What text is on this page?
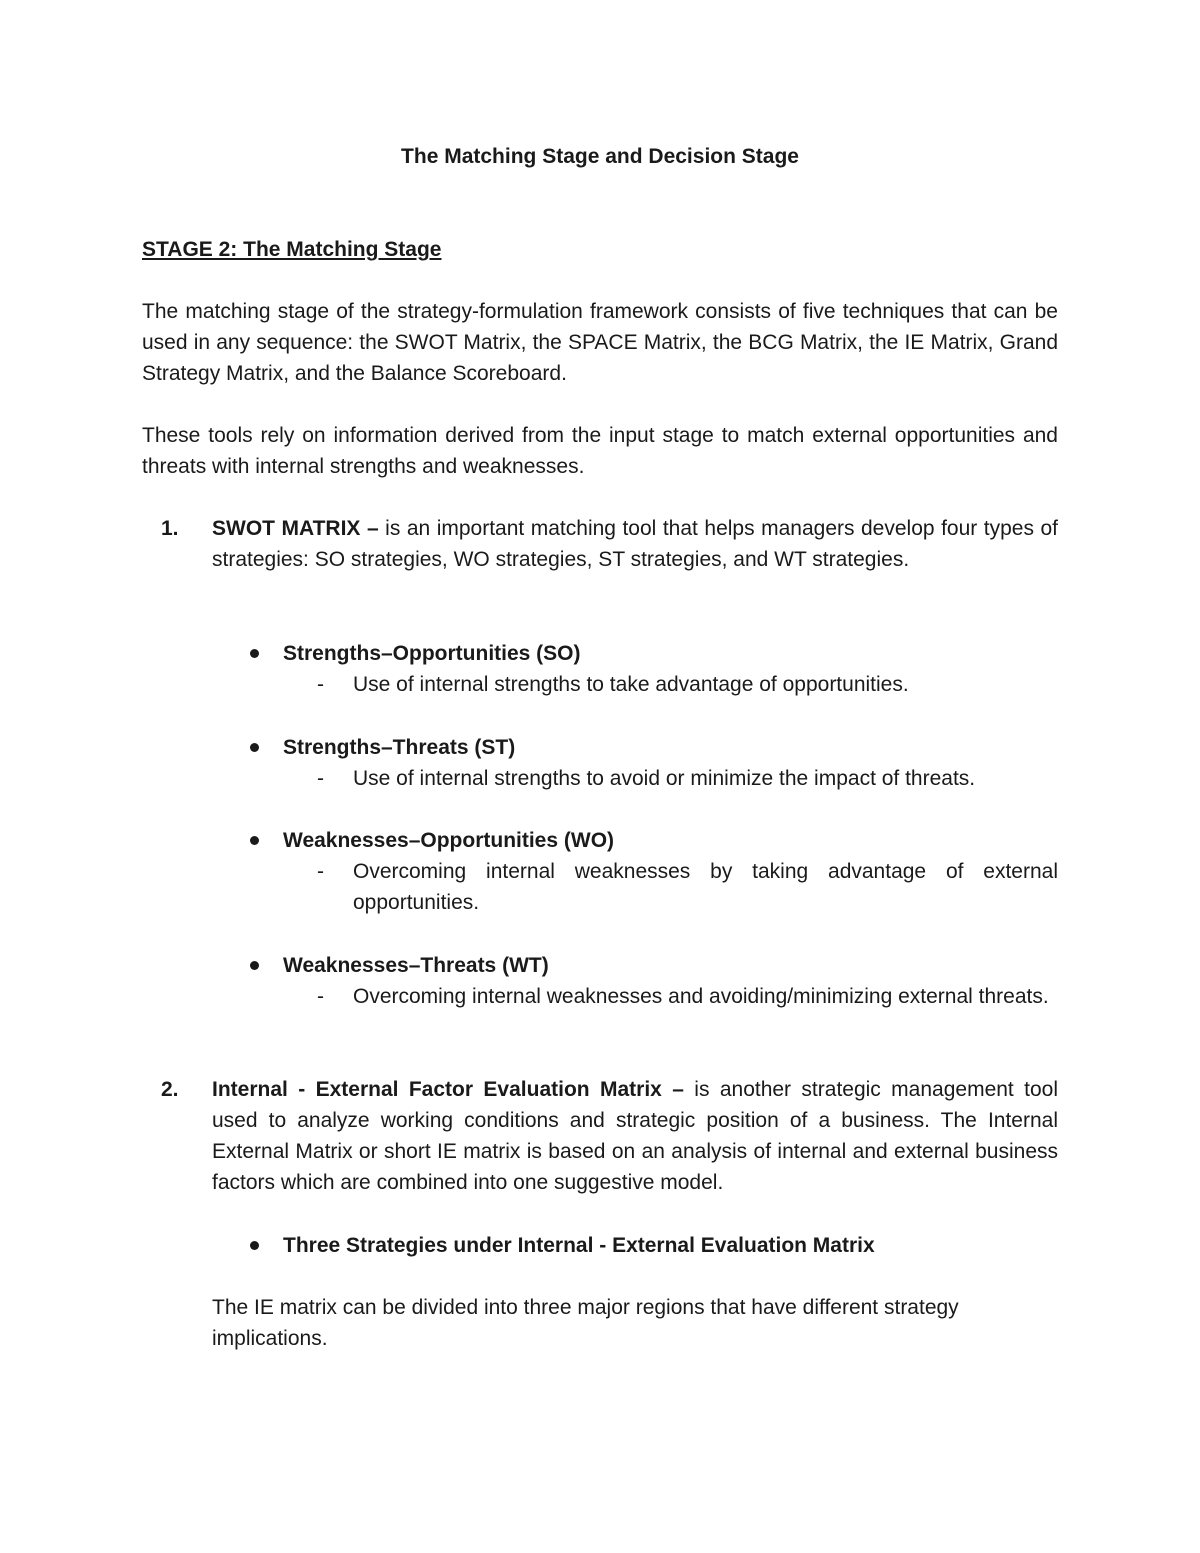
The Matching Stage and Decision Stage
STAGE 2: The Matching Stage
The matching stage of the strategy-formulation framework consists of five techniques that can be used in any sequence: the SWOT Matrix, the SPACE Matrix, the BCG Matrix, the IE Matrix, Grand Strategy Matrix, and the Balance Scoreboard.
These tools rely on information derived from the input stage to match external opportunities and threats with internal strengths and weaknesses.
1. SWOT MATRIX – is an important matching tool that helps managers develop four types of strategies: SO strategies, WO strategies, ST strategies, and WT strategies.
Strengths–Opportunities (SO)
- Use of internal strengths to take advantage of opportunities.
Strengths–Threats (ST)
- Use of internal strengths to avoid or minimize the impact of threats.
Weaknesses–Opportunities (WO)
- Overcoming internal weaknesses by taking advantage of external opportunities.
Weaknesses–Threats (WT)
- Overcoming internal weaknesses and avoiding/minimizing external threats.
2. Internal - External Factor Evaluation Matrix – is another strategic management tool used to analyze working conditions and strategic position of a business. The Internal External Matrix or short IE matrix is based on an analysis of internal and external business factors which are combined into one suggestive model.
Three Strategies under Internal - External Evaluation Matrix
The IE matrix can be divided into three major regions that have different strategy implications.
